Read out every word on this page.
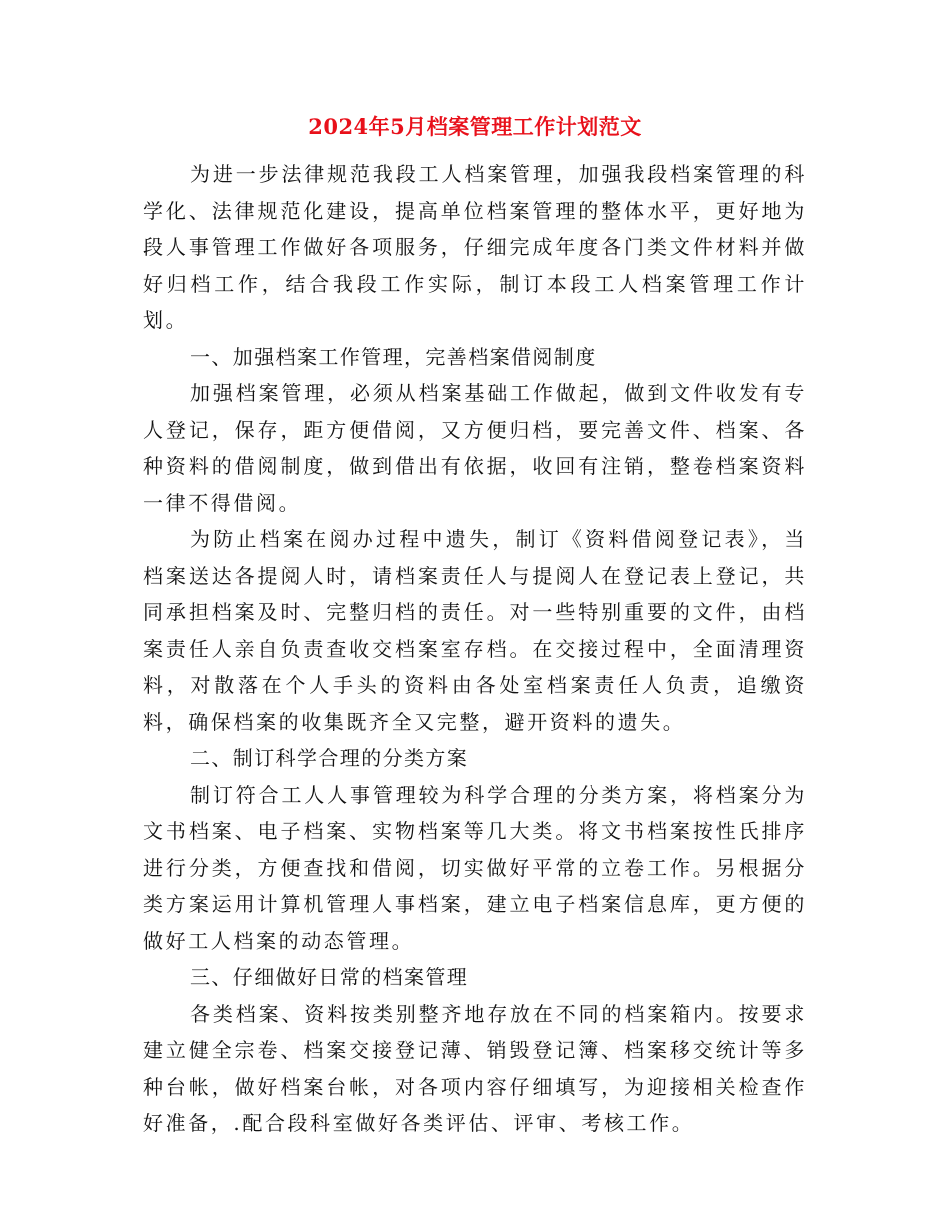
2024年5月档案管理工作计划范文

为进一步法律规范我段工人档案管理，加强我段档案管理的科学化、法律规范化建设，提高单位档案管理的整体水平，更好地为段人事管理工作做好各项服务，仔细完成年度各门类文件材料并做好归档工作，结合我段工作实际，制订本段工人档案管理工作计划。

一、加强档案工作管理，完善档案借阅制度

加强档案管理，必须从档案基础工作做起，做到文件收发有专人登记，保存，距方便借阅，又方便归档，要完善文件、档案、各种资料的借阅制度，做到借出有依据，收回有注销，整卷档案资料一律不得借阅。

为防止档案在阅办过程中遗失，制订《资料借阅登记表》，当档案送达各提阅人时，请档案责任人与提阅人在登记表上登记，共同承担档案及时、完整归档的责任。对一些特别重要的文件，由档案责任人亲自负责查收交档案室存档。在交接过程中，全面清理资料，对散落在个人手头的资料由各处室档案责任人负责，追缴资料，确保档案的收集既齐全又完整，避开资料的遗失。

二、制订科学合理的分类方案

制订符合工人人事管理较为科学合理的分类方案，将档案分为文书档案、电子档案、实物档案等几大类。将文书档案按性氏排序进行分类，方便查找和借阅，切实做好平常的立卷工作。另根据分类方案运用计算机管理人事档案，建立电子档案信息库，更方便的做好工人档案的动态管理。

三、仔细做好日常的档案管理

各类档案、资料按类别整齐地存放在不同的档案箱内。按要求建立健全宗卷、档案交接登记薄、销毁登记簿、档案移交统计等多种台帐，做好档案台帐，对各项内容仔细填写，为迎接相关检查作好准备，.配合段科室做好各类评估、评审、考核工作。
